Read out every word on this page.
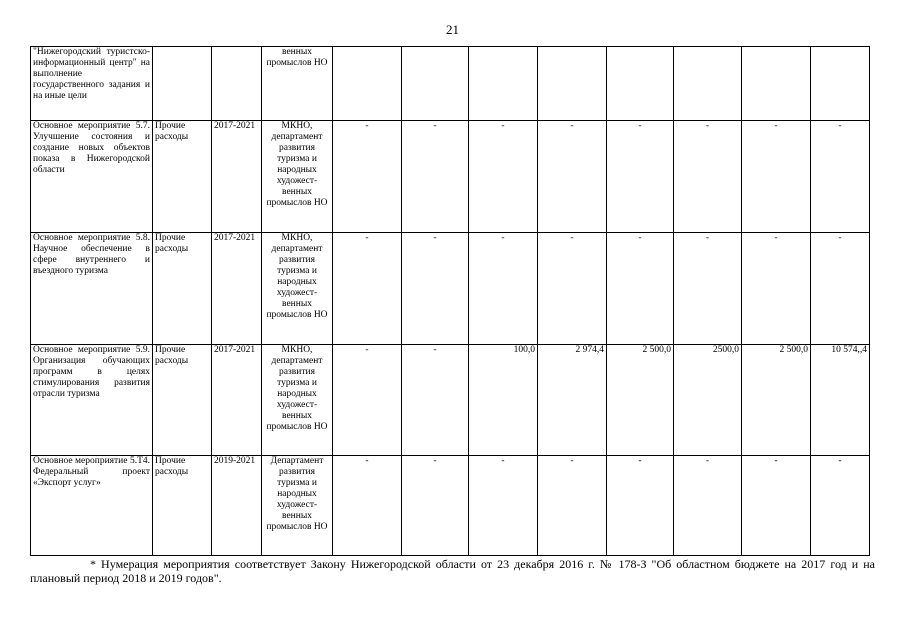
21
"Нижегородский туристско-информационный центр" на выполнение государственного задания и на иные цели			венных промыслов НО								
Основное мероприятие 5.7. Улучшение состояния и создание новых объектов показа в Нижегородской области	Прочие расходы	2017-2021	МКНО, департамент развития туризма и народных художест-венных промыслов НО	-	-	-	-	-	-	-	-
Основное мероприятие 5.8. Научное обеспечение в сфере внутреннего и въездного туризма	Прочие расходы	2017-2021	МКНО, департамент развития туризма и народных художест-венных промыслов НО	-	-	-	-	-	-	-	-
Основное мероприятие 5.9. Организация обучающих программ в целях стимулирования развития отрасли туризма	Прочие расходы	2017-2021	МКНО, департамент развития туризма и народных художест-венных промыслов НО	-	-	100,0	2 974,4	2 500,0	2500,0	2 500,0	10 574,,4
Основное мероприятие 5.Т4. Федеральный проект «Экспорт услуг»	Прочие расходы	2019-2021	Департамент развития туризма и народных художест-венных промыслов НО	-	-	-	-	-	-	-	-
* Нумерация мероприятия соответствует Закону Нижегородской области от 23 декабря 2016 г. № 178-З "Об областном бюджете на 2017 год и на плановый период 2018 и 2019 годов".
